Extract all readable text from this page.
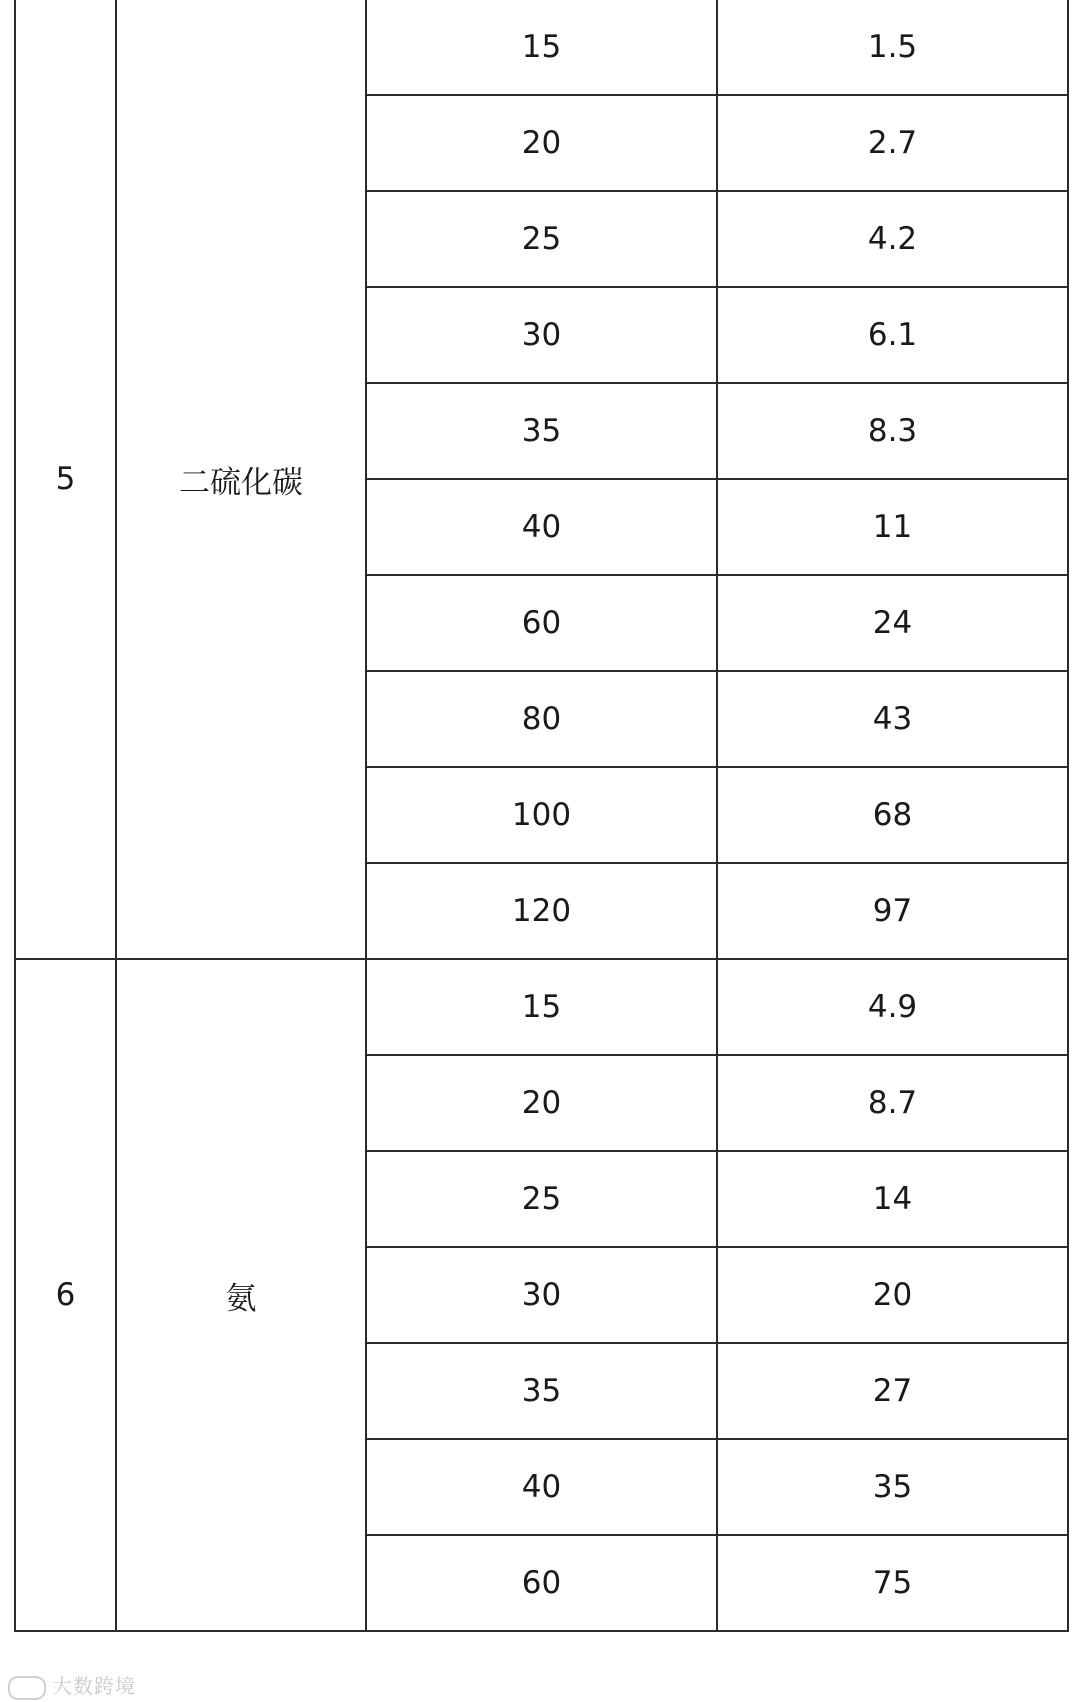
5	二硫化碳	15	1.5
		20	2.7
		25	4.2
		30	6.1
		35	8.3
		40	11
		60	24
		80	43
		100	68
		120	97
6	氨	15	4.9
		20	8.7
		25	14
		30	20
		35	27
		40	35
		60	75
大数跨境
